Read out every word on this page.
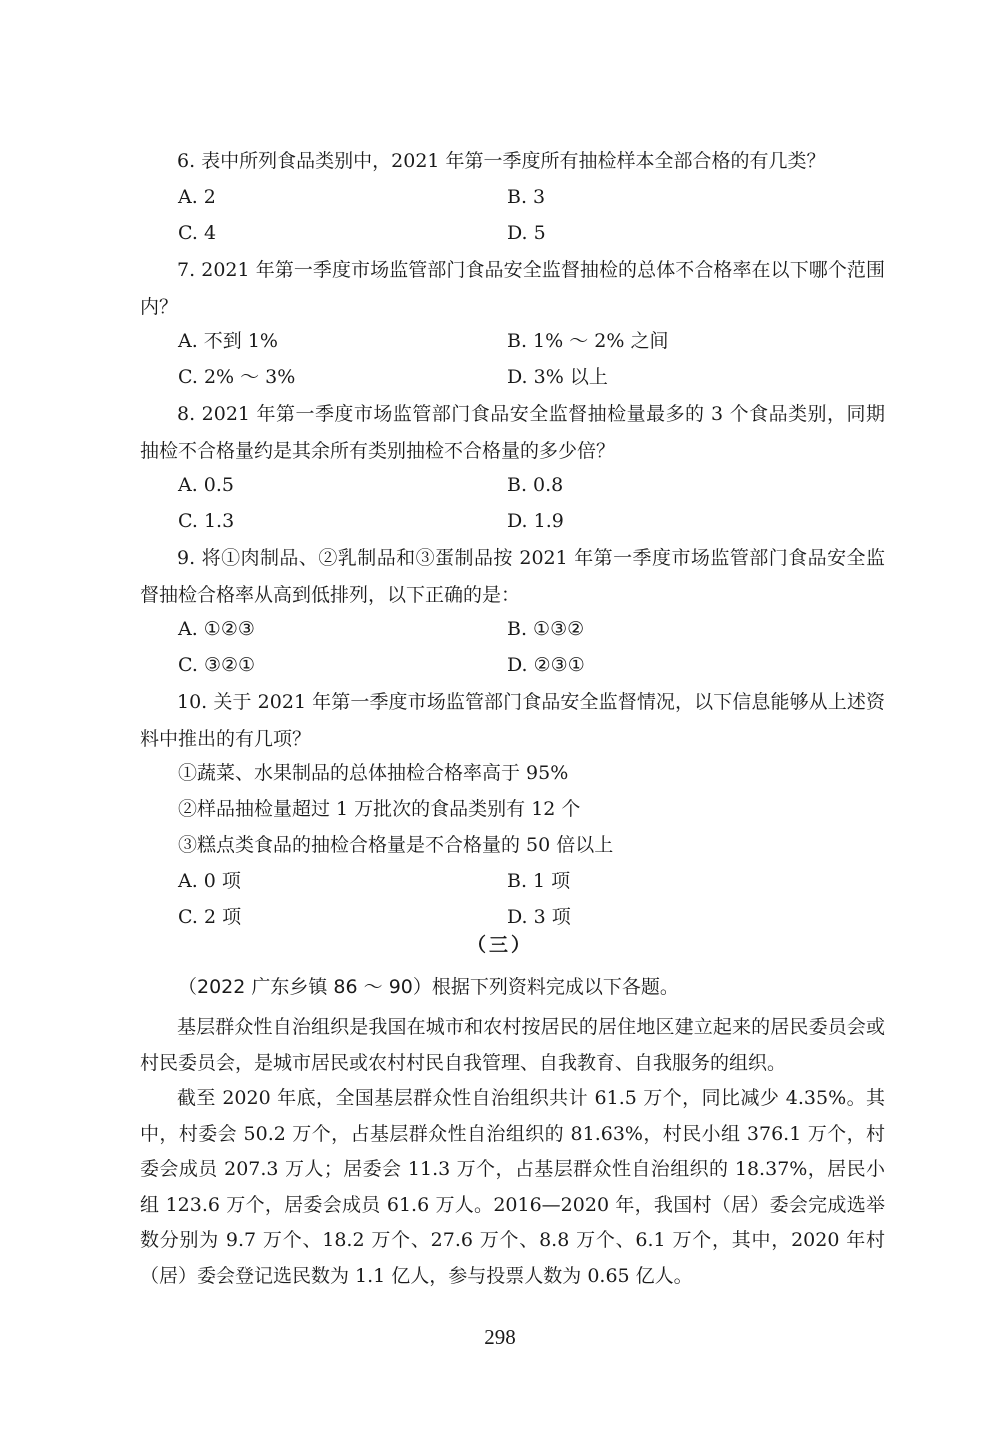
6. 表中所列食品类别中，2021 年第一季度所有抽检样本全部合格的有几类？
A. 2	B. 3
C. 4	D. 5
7. 2021 年第一季度市场监管部门食品安全监督抽检的总体不合格率在以下哪个范围内？
A. 不到 1%	B. 1% ～ 2% 之间
C. 2% ～ 3%	D. 3% 以上
8. 2021 年第一季度市场监管部门食品安全监督抽检量最多的 3 个食品类别，同期抽检不合格量约是其余所有类别抽检不合格量的多少倍？
A. 0.5	B. 0.8
C. 1.3	D. 1.9
9. 将①肉制品、②乳制品和③蛋制品按 2021 年第一季度市场监管部门食品安全监督抽检合格率从高到低排列，以下正确的是：
A. ①②③	B. ①③②
C. ③②①	D. ②③①
10. 关于 2021 年第一季度市场监管部门食品安全监督情况，以下信息能够从上述资料中推出的有几项？
①蔬菜、水果制品的总体抽检合格率高于 95%
②样品抽检量超过 1 万批次的食品类别有 12 个
③糕点类食品的抽检合格量是不合格量的 50 倍以上
A. 0 项	B. 1 项
C. 2 项	D. 3 项
（三）
（2022 广东乡镇 86 ～ 90）根据下列资料完成以下各题。
基层群众性自治组织是我国在城市和农村按居民的居住地区建立起来的居民委员会或村民委员会，是城市居民或农村村民自我管理、自我教育、自我服务的组织。
截至 2020 年底，全国基层群众性自治组织共计 61.5 万个，同比减少 4.35%。其中，村委会 50.2 万个，占基层群众性自治组织的 81.63%，村民小组 376.1 万个，村委会成员 207.3 万人；居委会 11.3 万个，占基层群众性自治组织的 18.37%，居民小组 123.6 万个，居委会成员 61.6 万人。2016—2020 年，我国村（居）委会完成选举数分别为 9.7 万个、18.2 万个、27.6 万个、8.8 万个、6.1 万个，其中，2020 年村（居）委会登记选民数为 1.1 亿人，参与投票人数为 0.65 亿人。
298
